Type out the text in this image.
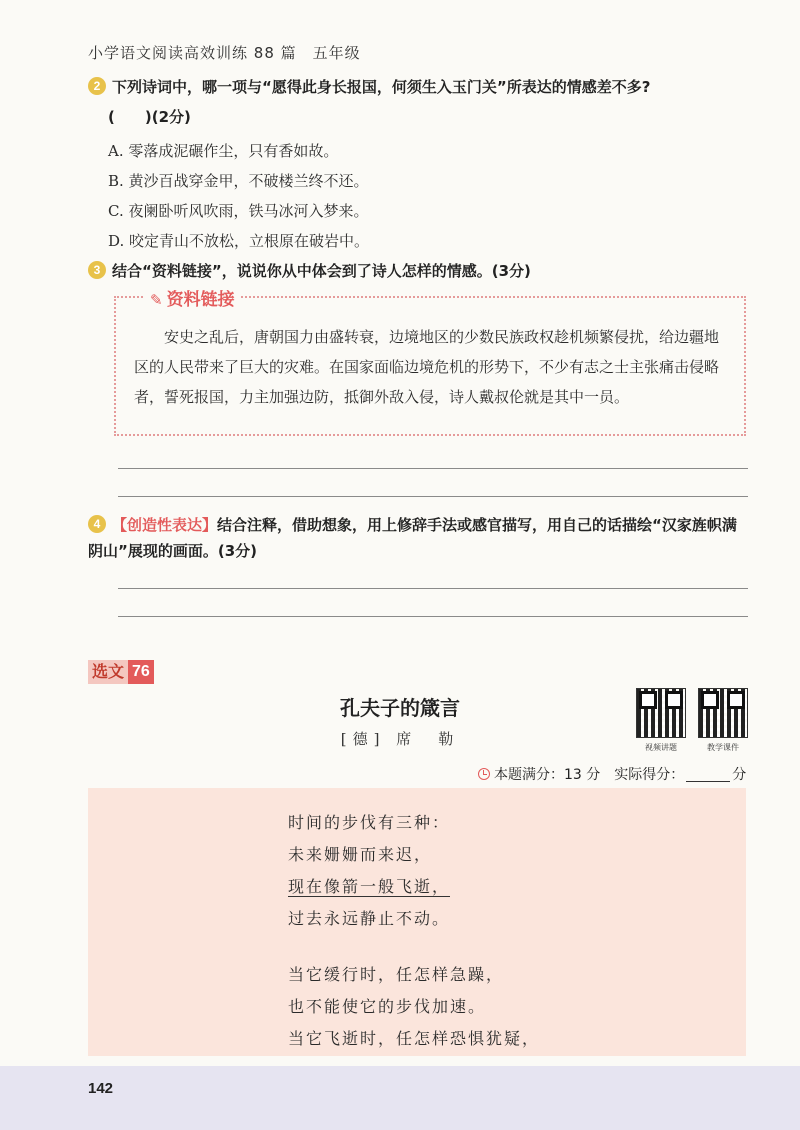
小学语文阅读高效训练 88 篇　五年级
2 下列诗词中，哪一项与“愿得此身长报国，何须生入玉门关”所表达的情感差不多?
(　　)(2分)
A. 零落成泥碾作尘，只有香如故。
B. 黄沙百战穿金甲，不破楼兰终不还。
C. 夜阑卧听风吹雨，铁马冰河入梦来。
D. 咬定青山不放松，立根原在破岩中。
3 结合“资料链接”，说说你从中体会到了诗人怎样的情感。(3分)
✎ 资料链接
安史之乱后，唐朝国力由盛转衰，边境地区的少数民族政权趁机频繁侵扰，给边疆地区的人民带来了巨大的灾难。在国家面临边境危机的形势下，不少有志之士主张痛击侵略者，誓死报国，力主加强边防，抵御外敌入侵，诗人戴叔伦就是其中一员。
4 【创造性表达】结合注释，借助想象，用上修辞手法或感官描写，用自己的话描绘“汉家旌帜满阴山”展现的画面。(3分)
选文 76
孔夫子的箴言
[德] 席　勒	视频讲题	教学课件
本题满分：13 分 实际得分：	分
时间的步伐有三种：
未来姗姗而来迟，
现在像箭一般飞逝，
过去永远静止不动。
当它缓行时，任怎样急躁，
也不能使它的步伐加速。
当它飞逝时，任怎样恐惧犹疑，
142
